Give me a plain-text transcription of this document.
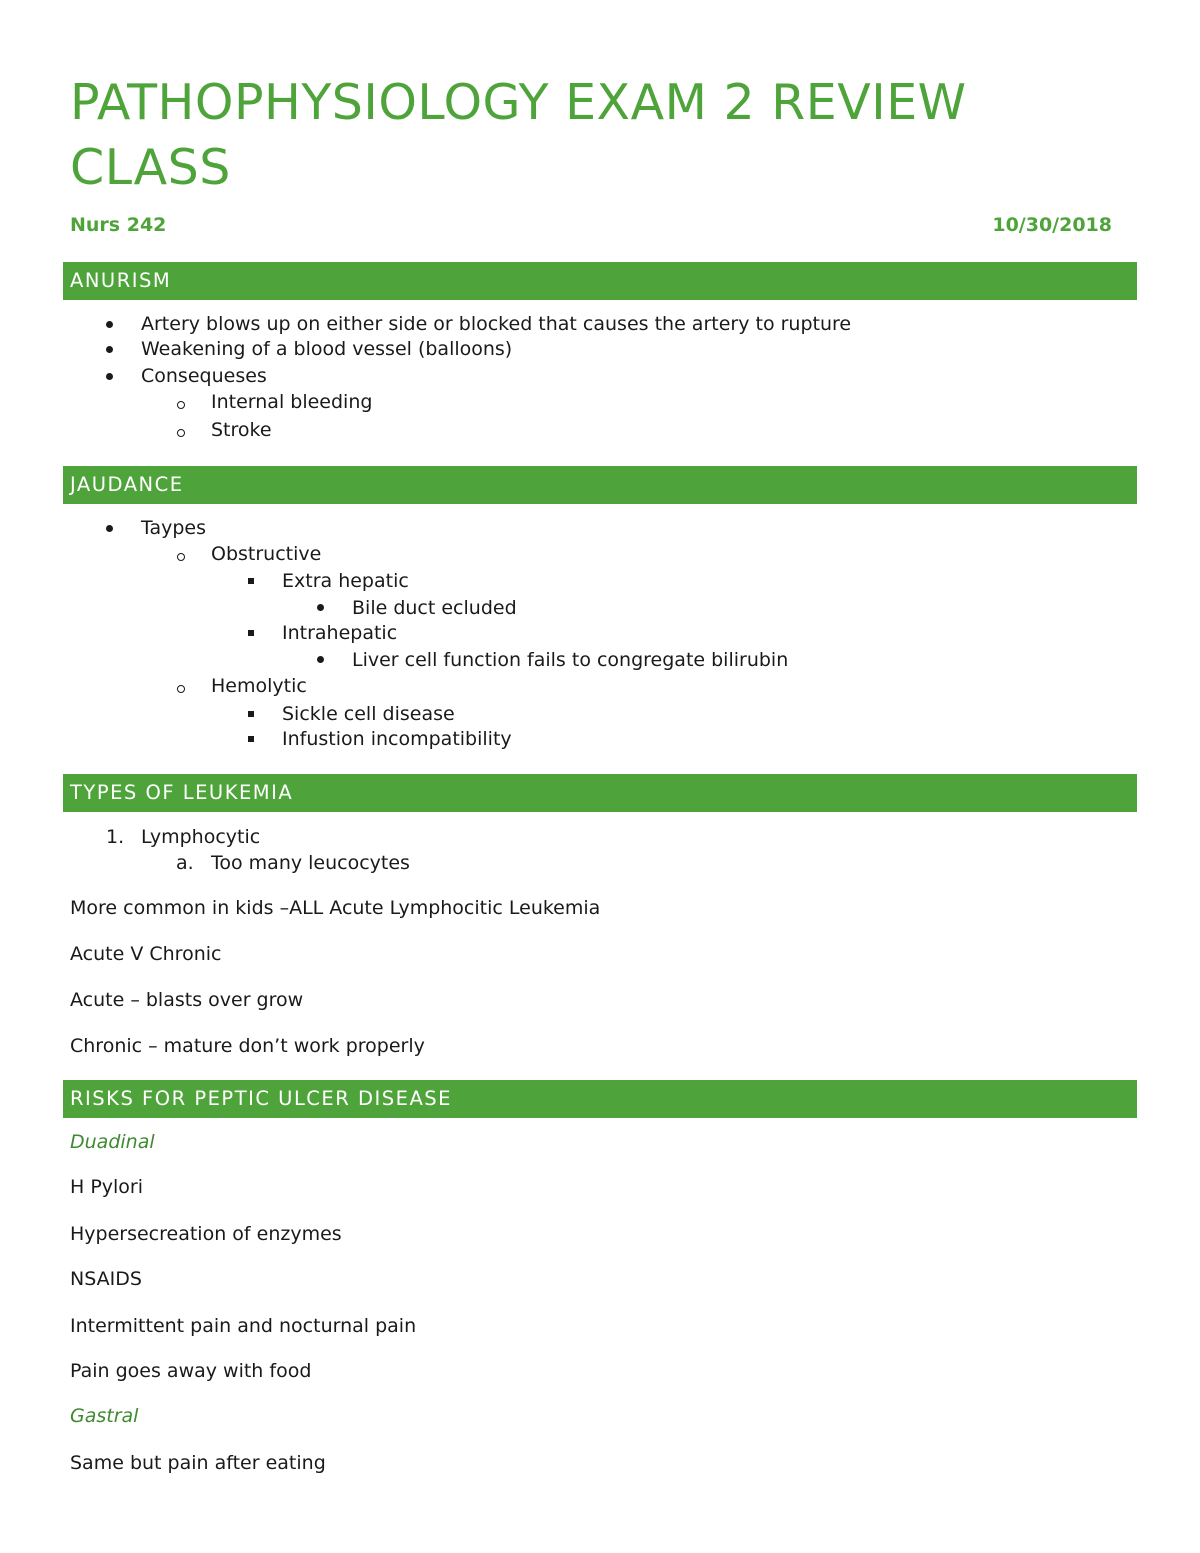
PATHOPHYSIOLOGY EXAM 2 REVIEW CLASS
Nurs 242	10/30/2018
ANURISM
Artery blows up on either side or blocked that causes the artery to rupture
Weakening of a blood vessel (balloons)
Consequeses
Internal bleeding
Stroke
JAUDANCE
Taypes
Obstructive
Extra hepatic
Bile duct ecluded
Intrahepatic
Liver cell function fails to congregate bilirubin
Hemolytic
Sickle cell disease
Infustion incompatibility
TYPES OF LEUKEMIA
1. Lymphocytic
a. Too many leucocytes
More common in kids –ALL Acute Lymphocitic Leukemia
Acute V Chronic
Acute – blasts over grow
Chronic – mature don’t work properly
RISKS FOR PEPTIC ULCER DISEASE
Duadinal
H Pylori
Hypersecreation of enzymes
NSAIDS
Intermittent pain and nocturnal pain
Pain goes away with food
Gastral
Same but pain after eating
